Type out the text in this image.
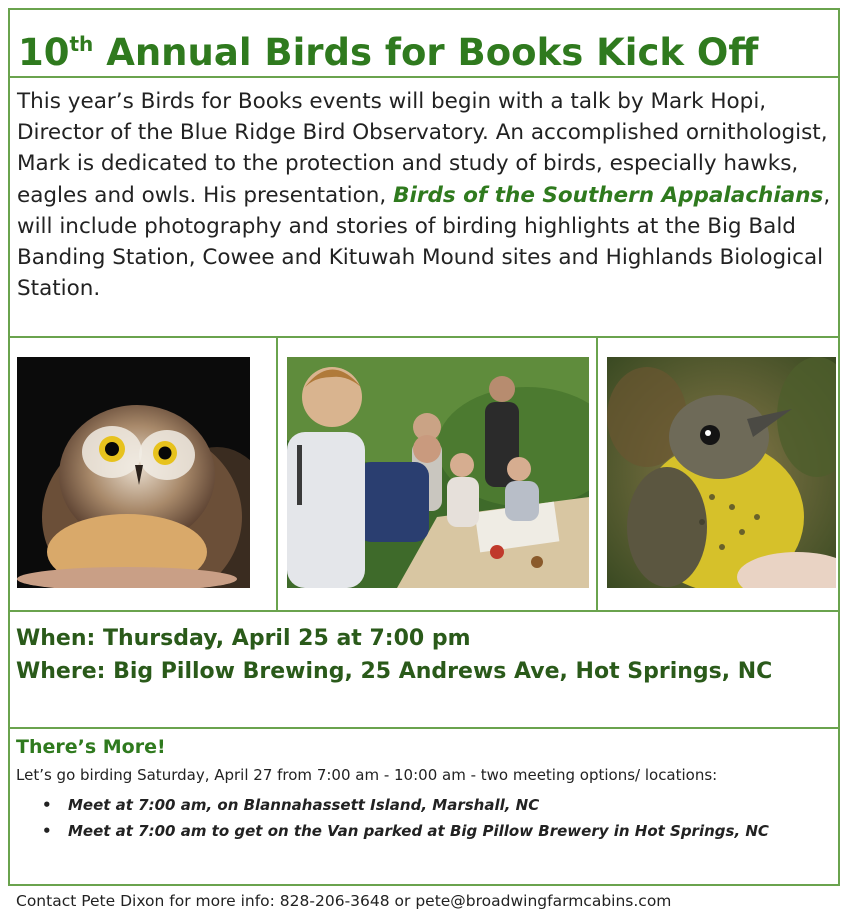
10th Annual Birds for Books Kick Off
This year’s Birds for Books events will begin with a talk by Mark Hopi, Director of the Blue Ridge Bird Observatory. An accomplished ornithologist, Mark is dedicated to the protection and study of birds, especially hawks, eagles and owls. His presentation, Birds of the Southern Appalachians, will include photography and stories of birding highlights at the Big Bald Banding Station, Cowee and Kituwah Mound sites and Highlands Biological Station.
When: Thursday, April 25 at 7:00 pm
Where: Big Pillow Brewing, 25 Andrews Ave, Hot Springs, NC
There’s More!
Let’s go birding Saturday, April 27 from 7:00 am - 10:00 am - two meeting options/ locations:
• Meet at 7:00 am, on Blannahassett Island, Marshall, NC
• Meet at 7:00 am to get on the Van parked at Big Pillow Brewery in Hot Springs, NC
Contact Pete Dixon for more info: 828-206-3648 or pete@broadwingfarmcabins.com
